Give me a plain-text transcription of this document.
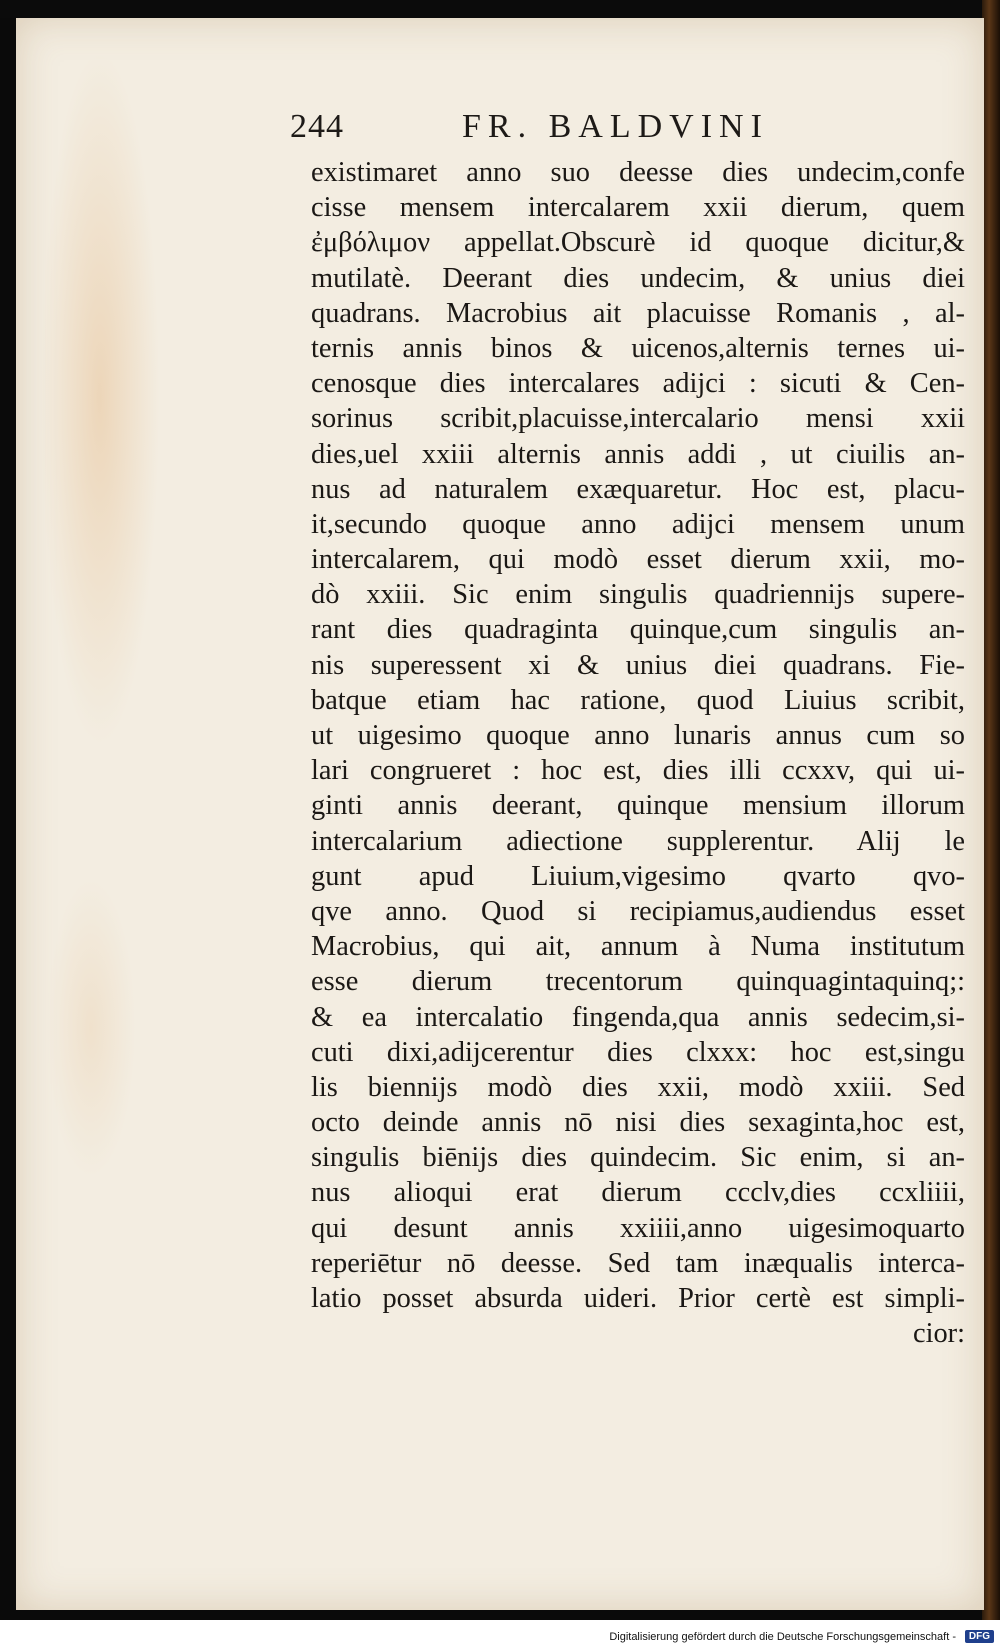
244	FR. BALDVINI
existimaret anno suo deesse dies undecim,confe
cisse mensem intercalarem xxii dierum, quem
ἐμβόλιμον appellat.Obscurè id quoque dicitur,&
mutilatè. Deerant dies undecim, & unius diei
quadrans. Macrobius ait placuisse Romanis , al-
ternis annis binos & uicenos,alternis ternes ui-
cenosque dies intercalares adijci : sicuti & Cen-
sorinus scribit,placuisse,intercalario mensi xxii
dies,uel xxiii alternis annis addi , ut ciuilis an-
nus ad naturalem exæquaretur. Hoc est, placu-
it,secundo quoque anno adijci mensem unum
intercalarem, qui modò esset dierum xxii, mo-
dò xxiii. Sic enim singulis quadriennijs supere-
rant dies quadraginta quinque,cum singulis an-
nis superessent xi & unius diei quadrans. Fie-
batque etiam hac ratione, quod Liuius scribit,
ut uigesimo quoque anno lunaris annus cum so
lari congrueret : hoc est, dies illi ccxxv, qui ui-
ginti annis deerant, quinque mensium illorum
intercalarium adiectione supplerentur. Alij le
gunt apud Liuium,vigesimo qvarto qvo-
qve anno. Quod si recipiamus,audiendus esset
Macrobius, qui ait, annum à Numa institutum
esse dierum trecentorum quinquagintaquinq;:
& ea intercalatio fingenda,qua annis sedecim,si-
cuti dixi,adijcerentur dies clxxx: hoc est,singu
lis biennijs modò dies xxii, modò xxiii. Sed
octo deinde annis nō nisi dies sexaginta,hoc est,
singulis biēnijs dies quindecim. Sic enim, si an-
nus alioqui erat dierum ccclv,dies ccxliiii,
qui desunt annis xxiiii,anno uigesimoquarto
reperiētur nō deesse. Sed tam inæqualis interca-
latio posset absurda uideri. Prior certè est simpli-
cior:
Digitalisierung gefördert durch die Deutsche Forschungsgemeinschaft -	DFG
